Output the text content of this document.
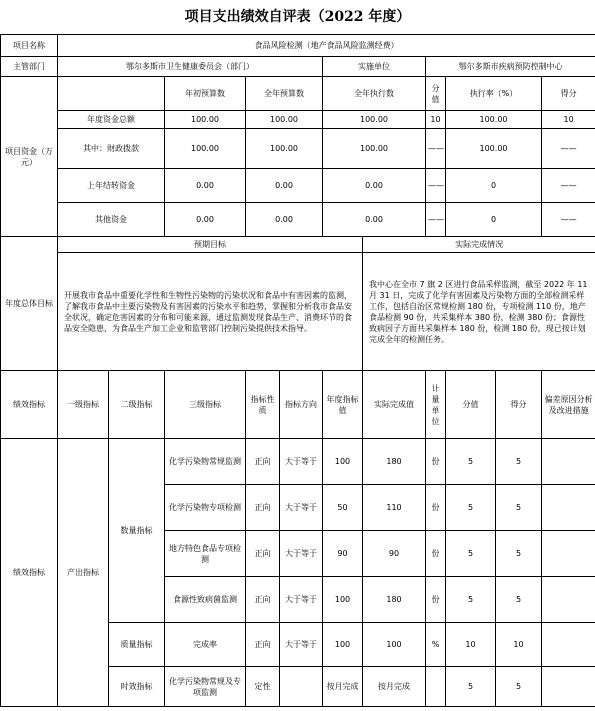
项目支出绩效自评表（2022 年度）
项目名称	食品风险检测（地产食品风险监测经费）										
主管部门	鄂尔多斯市卫生健康委员会（部门）					实施单位		鄂尔多斯市疾病预防控制中心			
项目资金（万元）			年初预算数	全年预算数		全年执行数		分值	执行率（%）		得分
	年度资金总额		100.00	100.00		100.00		10	100.00		10
	其中：财政拨款		100.00	100.00		100.00		——	100.00		——
	上年结转资金		0.00	0.00		0.00		——	0		——
	其他资金		0.00	0.00		0.00		——	0		——
年度总体目标	预期目标						实际完成情况				
	开展我市食品中重要化学性和生物性污染物的污染状况和食品中有害因素的监测，了解我市食品中主要污染物及有害因素的污染水平和趋势，掌握和分析我市食品安全状况，确定危害因素的分布和可能来源，通过监测发现食品生产、消费环节的食品安全隐患，为食品生产加工企业和监管部门控制污染提供技术指导。						我中心在全市 7 旗 2 区进行食品采样监测，截至 2022 年 11 月 31 日，完成了化学有害因素及污染物方面的全部检测采样工作，包括自治区常规检测 180 份，专项检测 110 份，地产食品检测 90 份，共采集样本 380 份，检测 380 份；食源性致病因子方面共采集样本 180 份，检测 180 份，现已按计划完成全年的检测任务。				
绩效指标	一级指标	二级指标	三级指标	指标性质	指标方向	年度指标值	实际完成值	计量单位	分值	得分	偏差原因分析及改进措施
绩效指标	产出指标	数量指标	化学污染物常规监测	正向	大于等于	100	180	份	5	5	
			化学污染物专项检测	正向	大于等于	50	110	份	5	5	
			地方特色食品专项检测	正向	大于等于	90	90	份	5	5	
			食源性致病菌监测	正向	大于等于	100	180	份	5	5	
		质量指标	完成率	正向	大于等于	100	100	%	10	10	
		时效指标	化学污染物常规及专项监测	定性		按月完成	按月完成		5	5	
